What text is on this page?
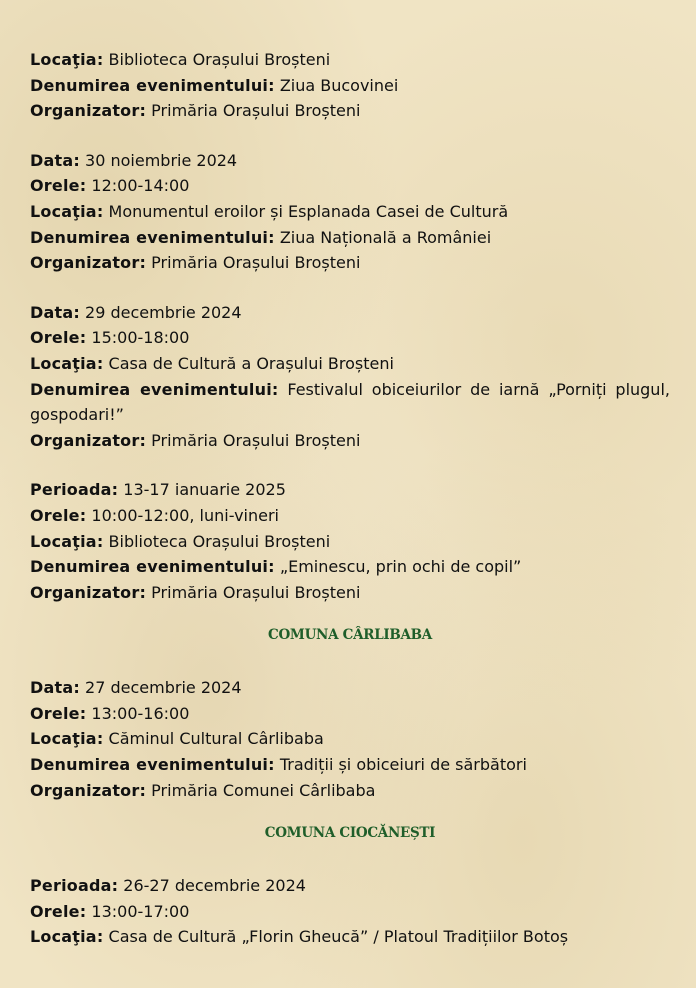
Locaţia: Biblioteca Orașului Broșteni

Denumirea evenimentului: Ziua Bucovinei

Organizator: Primăria Orașului Broșteni

Data: 30 noiembrie 2024

Orele: 12:00-14:00

Locaţia: Monumentul eroilor și Esplanada Casei de Cultură

Denumirea evenimentului: Ziua Națională a României

Organizator: Primăria Orașului Broșteni

Data: 29 decembrie 2024

Orele: 15:00-18:00

Locaţia: Casa de Cultură a Orașului Broșteni

Denumirea evenimentului: Festivalul obiceiurilor de iarnă „Porniți plugul, gospodari!”

Organizator: Primăria Orașului Broșteni

Perioada: 13-17 ianuarie 2025

Orele: 10:00-12:00, luni-vineri

Locaţia: Biblioteca Orașului Broșteni

Denumirea evenimentului: „Eminescu, prin ochi de copil”

Organizator: Primăria Orașului Broșteni

COMUNA CÂRLIBABA

Data: 27 decembrie 2024

Orele: 13:00-16:00

Locaţia: Căminul Cultural Cârlibaba

Denumirea evenimentului: Tradiții și obiceiuri de sărbători

Organizator: Primăria Comunei Cârlibaba

COMUNA CIOCĂNEȘTI

Perioada: 26-27 decembrie 2024

Orele: 13:00-17:00

Locaţia: Casa de Cultură „Florin Gheucă” / Platoul Tradițiilor Botoș
